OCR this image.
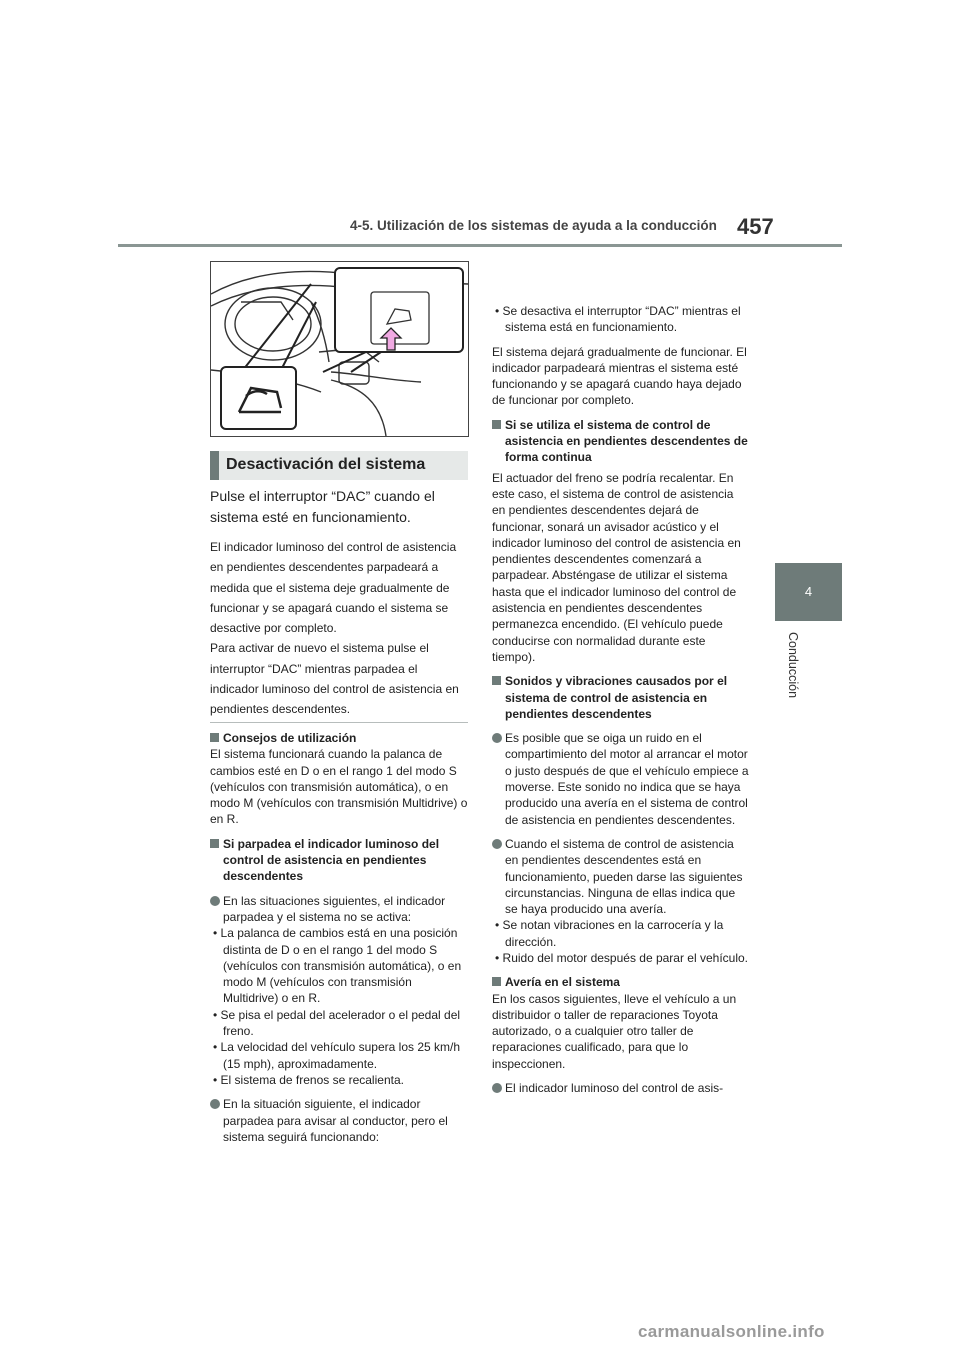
4-5. Utilización de los sistemas de ayuda a la conducción 457
4
Conducción
Desactivación del sistema

Pulse el interruptor “DAC” cuando el sistema esté en funcionamiento.

El indicador luminoso del control de asistencia en pendientes descendentes parpadeará a medida que el sistema deje gradualmente de funcionar y se apagará cuando el sistema se desactive por completo.

Para activar de nuevo el sistema pulse el interruptor “DAC” mientras parpadea el indicador luminoso del control de asistencia en pendientes descendentes.

Consejos de utilización

El sistema funcionará cuando la palanca de cambios esté en D o en el rango 1 del modo S (vehículos con transmisión automática), o en modo M (vehículos con transmisión Multidrive) o en R.

Si parpadea el indicador luminoso del control de asistencia en pendientes descendentes
En las situaciones siguientes, el indicador parpadea y el sistema no se activa:
• La palanca de cambios está en una posición distinta de D o en el rango 1 del modo S (vehículos con transmisión automática), o en modo M (vehículos con transmisión Multidrive) o en R.
• Se pisa el pedal del acelerador o el pedal del freno.
• La velocidad del vehículo supera los 25 km/h (15 mph), aproximadamente.
• El sistema de frenos se recalienta.
En la situación siguiente, el indicador parpadea para avisar al conductor, pero el sistema seguirá funcionando:
• Se desactiva el interruptor “DAC” mientras el sistema está en funcionamiento.

El sistema dejará gradualmente de funcionar. El indicador parpadeará mientras el sistema esté funcionando y se apagará cuando haya dejado de funcionar por completo.

Si se utiliza el sistema de control de asistencia en pendientes descendentes de forma continua

El actuador del freno se podría recalentar. En este caso, el sistema de control de asistencia en pendientes descendentes dejará de funcionar, sonará un avisador acústico y el indicador luminoso del control de asistencia en pendientes descendentes comenzará a parpadear. Absténgase de utilizar el sistema hasta que el indicador luminoso del control de asistencia en pendientes descendentes permanezca encendido. (El vehículo puede conducirse con normalidad durante este tiempo).

Sonidos y vibraciones causados por el sistema de control de asistencia en pendientes descendentes
Es posible que se oiga un ruido en el compartimiento del motor al arrancar el motor o justo después de que el vehículo empiece a moverse. Este sonido no indica que se haya producido una avería en el sistema de control de asistencia en pendientes descendentes.
Cuando el sistema de control de asistencia en pendientes descendentes está en funcionamiento, pueden darse las siguientes circunstancias. Ninguna de ellas indica que se haya producido una avería.
• Se notan vibraciones en la carrocería y la dirección.
• Ruido del motor después de parar el vehículo.
Avería en el sistema

En los casos siguientes, lleve el vehículo a un distribuidor o taller de reparaciones Toyota autorizado, o a cualquier otro taller de reparaciones cualificado, para que lo inspeccionen.

El indicador luminoso del control de asis-
carmanualsonline.info
